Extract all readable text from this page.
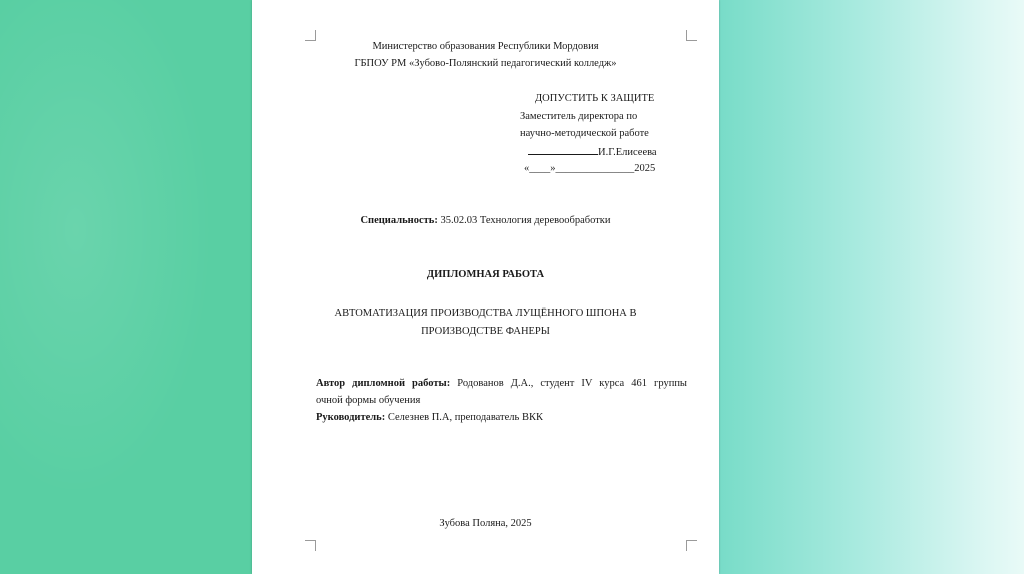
Министерство образования Республики Мордовия
ГБПОУ РМ «Зубово-Полянский педагогический колледж»
ДОПУСТИТЬ К ЗАЩИТЕ
Заместитель директора по
научно-методической работе
И.Г.Елисеева
«____»_______________2025
Специальность: 35.02.03 Технология деревообработки
ДИПЛОМНАЯ РАБОТА
АВТОМАТИЗАЦИЯ ПРОИЗВОДСТВА ЛУЩЁННОГО ШПОНА В
ПРОИЗВОДСТВЕ ФАНЕРЫ
Автор дипломной работы: Родованов Д.А., студент IV курса 461 группы
очной формы обучения
Руководитель: Селезнев П.А, преподаватель ВКК
Зубова Поляна, 2025
